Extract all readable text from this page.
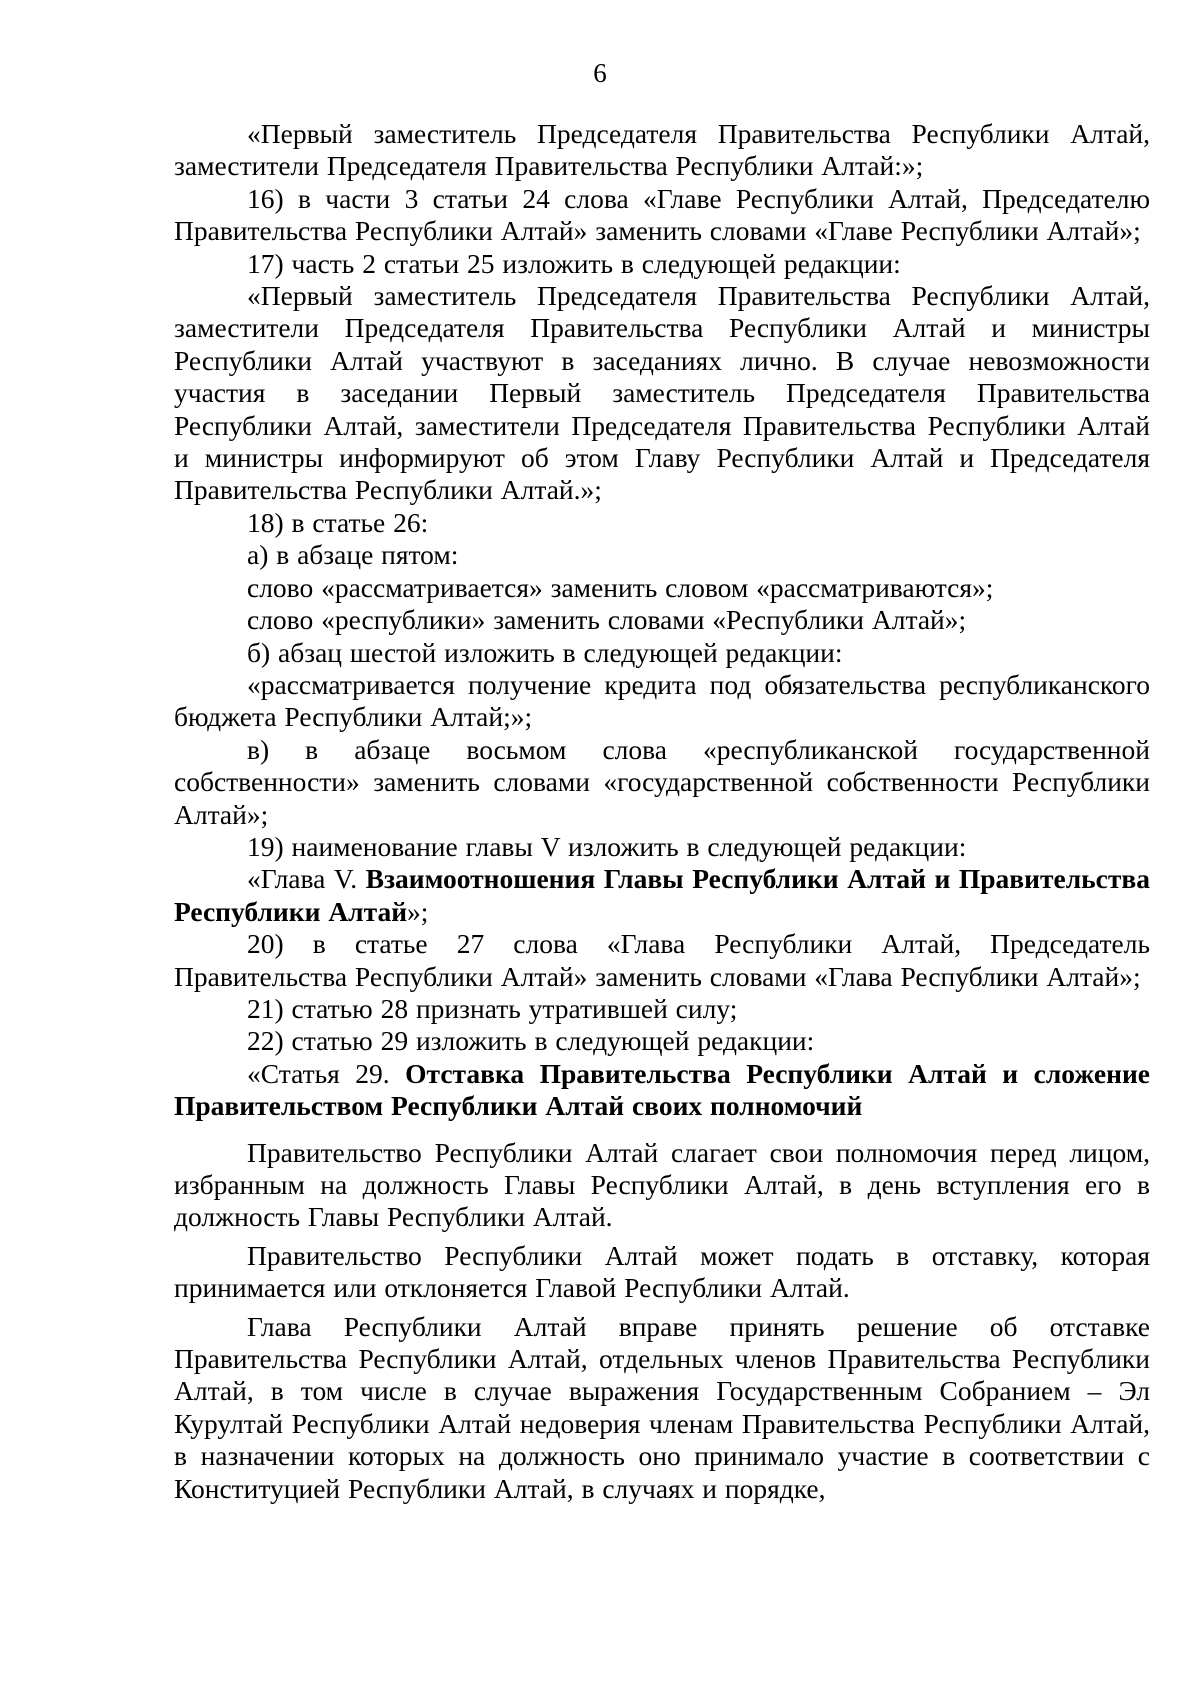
6

«Первый заместитель Председателя Правительства Республики Алтай, заместители Председателя Правительства Республики Алтай:»;

16) в части 3 статьи 24 слова «Главе Республики Алтай, Председателю Правительства Республики Алтай» заменить словами «Главе Республики Алтай»;

17) часть 2 статьи 25 изложить в следующей редакции:

«Первый заместитель Председателя Правительства Республики Алтай, заместители Председателя Правительства Республики Алтай и министры Республики Алтай участвуют в заседаниях лично. В случае невозможности участия в заседании Первый заместитель Председателя Правительства Республики Алтай, заместители Председателя Правительства Республики Алтай и министры информируют об этом Главу Республики Алтай и Председателя Правительства Республики Алтай.»;

18) в статье 26:

а) в абзаце пятом:

слово «рассматривается» заменить словом «рассматриваются»;

слово «республики» заменить словами «Республики Алтай»;

б) абзац шестой изложить в следующей редакции:

«рассматривается получение кредита под обязательства республиканского бюджета Республики Алтай;»;

в) в абзаце восьмом слова «республиканской государственной собственности» заменить словами «государственной собственности Республики Алтай»;

19) наименование главы V изложить в следующей редакции:

«Глава V. Взаимоотношения Главы Республики Алтай и Правительства Республики Алтай»;

20) в статье 27 слова «Глава Республики Алтай, Председатель Правительства Республики Алтай» заменить словами «Глава Республики Алтай»;

21) статью 28 признать утратившей силу;

22) статью 29 изложить в следующей редакции:

«Статья 29. Отставка Правительства Республики Алтай и сложение Правительством Республики Алтай своих полномочий

Правительство Республики Алтай слагает свои полномочия перед лицом, избранным на должность Главы Республики Алтай, в день вступления его в должность Главы Республики Алтай.

Правительство Республики Алтай может подать в отставку, которая принимается или отклоняется Главой Республики Алтай.

Глава Республики Алтай вправе принять решение об отставке Правительства Республики Алтай, отдельных членов Правительства Республики Алтай, в том числе в случае выражения Государственным Собранием – Эл Курултай Республики Алтай недоверия членам Правительства Республики Алтай, в назначении которых на должность оно принимало участие в соответствии с Конституцией Республики Алтай, в случаях и порядке,
